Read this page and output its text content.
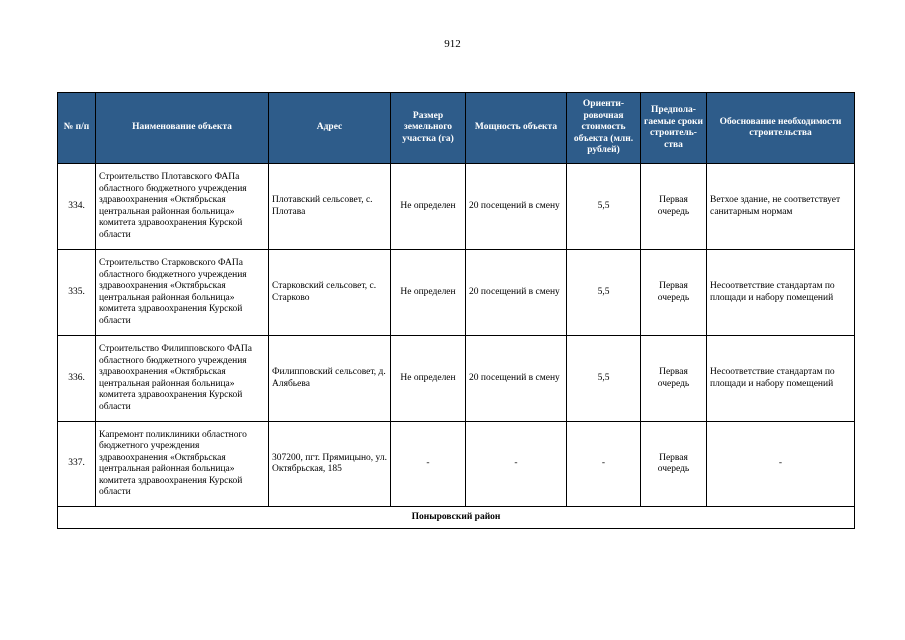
912
№ п/п	Наименование объекта	Адрес	Размер земельного участка (га)	Мощность объекта	Ориенти-ровочная стоимость объекта (млн. рублей)	Предпола-гаемые сроки строитель-ства	Обоснование необходимости строительства
334.	Строительство Плотавского ФАПа областного бюджетного учреждения здравоохранения «Октябрьская центральная районная больница» комитета здравоохранения Курской области	Плотавский сельсовет, с. Плотава	Не определен	20 посещений в смену	5,5	Первая очередь	Ветхое здание, не соответствует санитарным нормам
335.	Строительство Старковского ФАПа областного бюджетного учреждения здравоохранения «Октябрьская центральная районная больница» комитета здравоохранения Курской области	Старковский сельсовет, с. Старково	Не определен	20 посещений в смену	5,5	Первая очередь	Несоответствие стандартам по площади и набору помещений
336.	Строительство Филипповского ФАПа областного бюджетного учреждения здравоохранения «Октябрьская центральная районная больница» комитета здравоохранения Курской области	Филипповский сельсовет, д. Алябьева	Не определен	20 посещений в смену	5,5	Первая очередь	Несоответствие стандартам по площади и набору помещений
337.	Капремонт поликлиники областного бюджетного учреждения здравоохранения «Октябрьская центральная районная больница» комитета здравоохранения Курской области	307200, пгт. Прямицыно, ул. Октябрьская, 185	-	-	-	Первая очередь	-
Поныровский район							
